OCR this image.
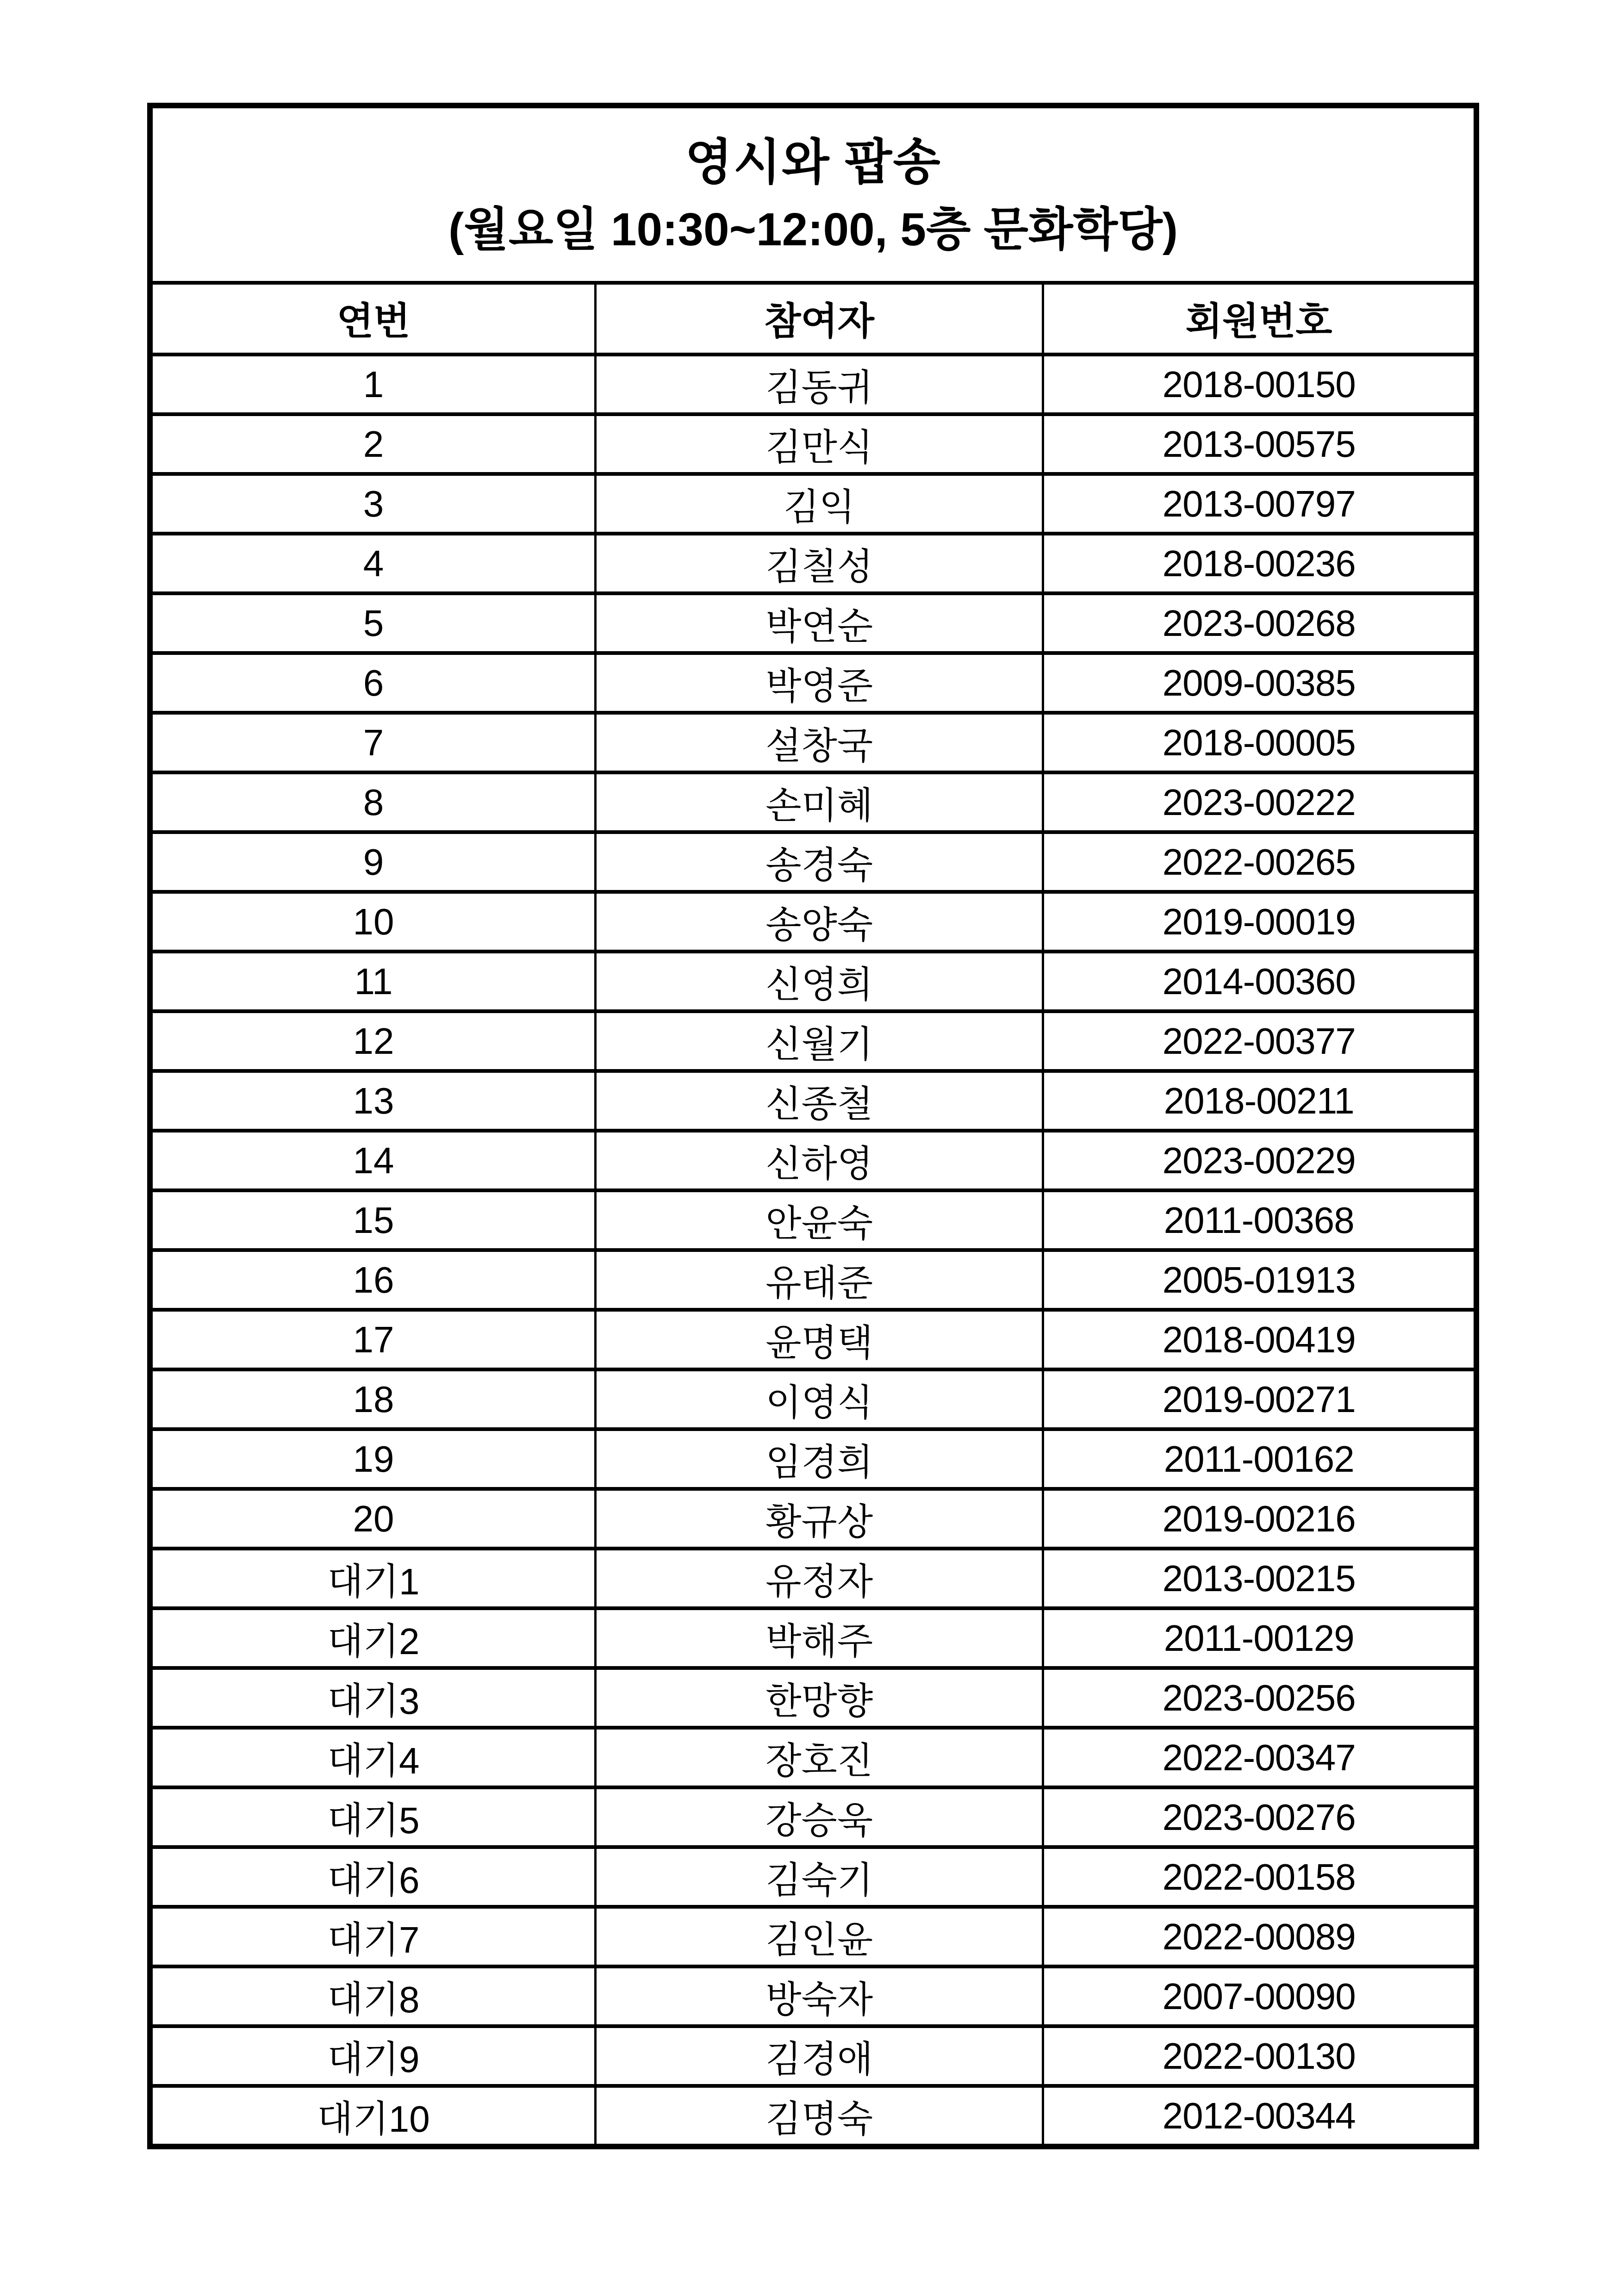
영시와 팝송
(월요일 10:30~12:00, 5층 문화학당)
연번	참여자	회원번호
1	김동귀	2018-00150
2	김만식	2013-00575
3	김익	2013-00797
4	김칠성	2018-00236
5	박연순	2023-00268
6	박영준	2009-00385
7	설창국	2018-00005
8	손미혜	2023-00222
9	송경숙	2022-00265
10	송양숙	2019-00019
11	신영희	2014-00360
12	신월기	2022-00377
13	신종철	2018-00211
14	신하영	2023-00229
15	안윤숙	2011-00368
16	유태준	2005-01913
17	윤명택	2018-00419
18	이영식	2019-00271
19	임경희	2011-00162
20	황규상	2019-00216
대기1	유정자	2013-00215
대기2	박해주	2011-00129
대기3	한망향	2023-00256
대기4	장호진	2022-00347
대기5	강승욱	2023-00276
대기6	김숙기	2022-00158
대기7	김인윤	2022-00089
대기8	방숙자	2007-00090
대기9	김경애	2022-00130
대기10	김명숙	2012-00344
